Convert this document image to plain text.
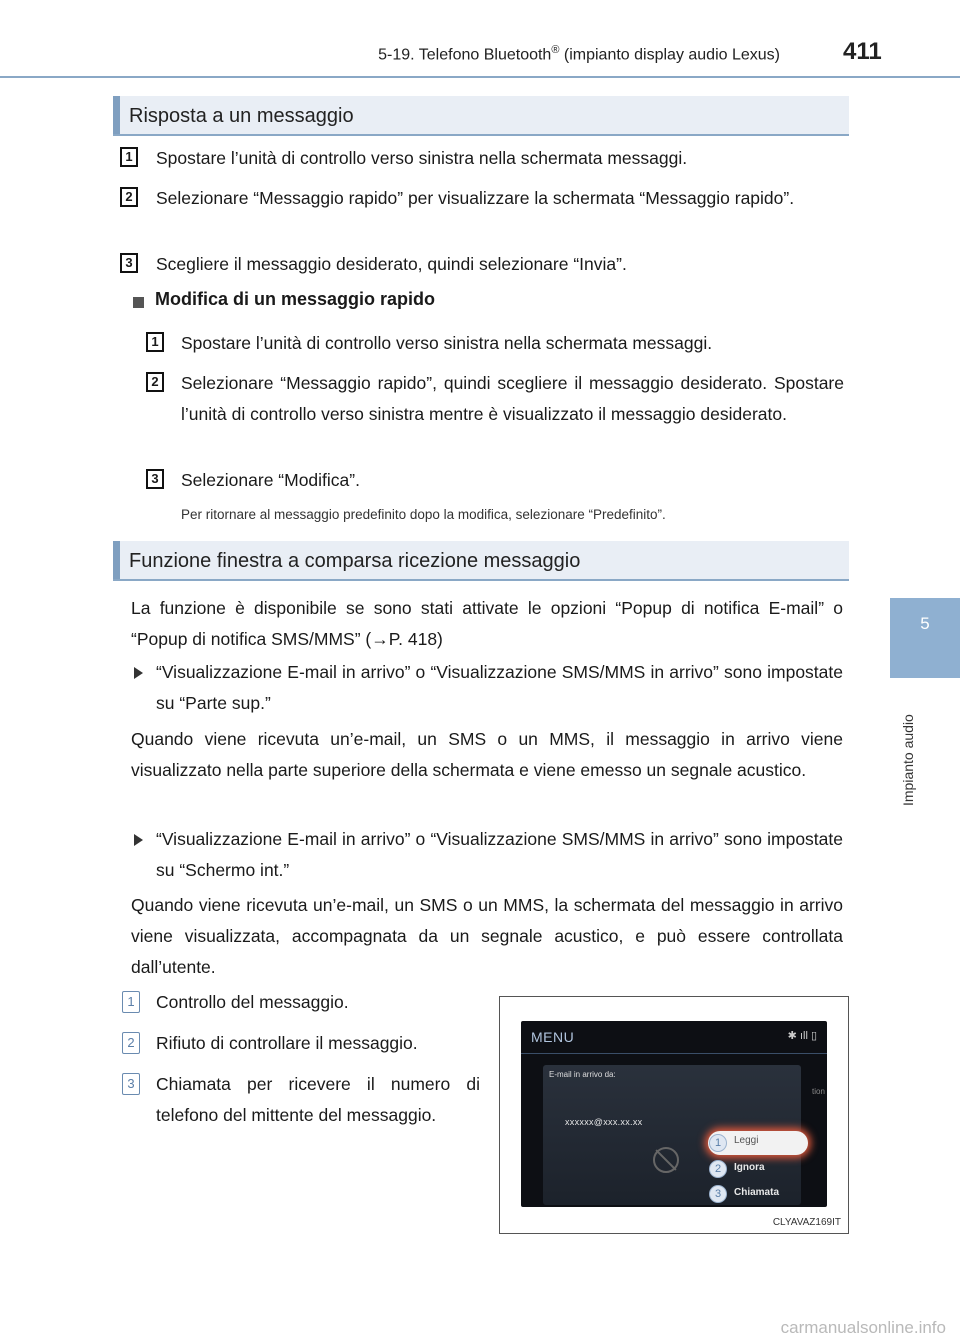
5-19. Telefono Bluetooth® (impianto display audio Lexus)	411
5
Impianto audio
Risposta a un messaggio
1	Spostare l’unità di controllo verso sinistra nella schermata messaggi.
2	Selezionare “Messaggio rapido” per visualizzare la schermata “Messaggio rapido”.
3	Scegliere il messaggio desiderato, quindi selezionare “Invia”.
Modifica di un messaggio rapido
1	Spostare l’unità di controllo verso sinistra nella schermata messaggi.
2	Selezionare “Messaggio rapido”, quindi scegliere il messaggio desiderato. Spostare l’unità di controllo verso sinistra mentre è visualizzato il messaggio desiderato.
3	Selezionare “Modifica”.
Per ritornare al messaggio predefinito dopo la modifica, selezionare “Predefinito”.
Funzione finestra a comparsa ricezione messaggio
La funzione è disponibile se sono stati attivate le opzioni “Popup di notifica E-mail” o “Popup di notifica SMS/MMS” (→P. 418)
“Visualizzazione E-mail in arrivo” o “Visualizzazione SMS/MMS in arrivo” sono impostate su “Parte sup.”
Quando viene ricevuta un’e-mail, un SMS o un MMS, il messaggio in arrivo viene visualizzato nella parte superiore della schermata e viene emesso un segnale acustico.
“Visualizzazione E-mail in arrivo” o “Visualizzazione SMS/MMS in arrivo” sono impostate su “Schermo int.”
Quando viene ricevuta un’e-mail, un SMS o un MMS, la schermata del messaggio in arrivo viene visualizzata, accompagnata da un segnale acustico, e può essere controllata dall’utente.
1	Controllo del messaggio.
2	Rifiuto di controllare il messaggio.
3	Chiamata per ricevere il numero di telefono del mittente del messaggio.
MENU	✱ ıll ▯
tion
E-mail in arrivo da:
xxxxxx@xxx.xx.xx
Leggi
Ignora
Chiamata
1
2
3
CLYAVAZ169IT
carmanualsonline.info
